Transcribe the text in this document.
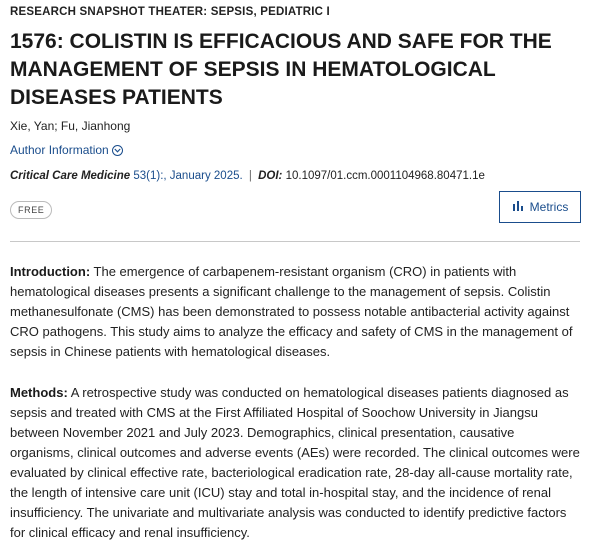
RESEARCH SNAPSHOT THEATER: SEPSIS, PEDIATRIC I
1576: COLISTIN IS EFFICACIOUS AND SAFE FOR THE MANAGEMENT OF SEPSIS IN HEMATOLOGICAL DISEASES PATIENTS
Xie, Yan; Fu, Jianhong
Author Information
Critical Care Medicine 53(1):, January 2025. | DOI: 10.1097/01.ccm.0001104968.80471.1e
FREE	Metrics

Introduction: The emergence of carbapenem-resistant organism (CRO) in patients with hematological diseases presents a significant challenge to the management of sepsis. Colistin methanesulfonate (CMS) has been demonstrated to possess notable antibacterial activity against CRO pathogens. This study aims to analyze the efficacy and safety of CMS in the management of sepsis in Chinese patients with hematological diseases.

Methods: A retrospective study was conducted on hematological diseases patients diagnosed as sepsis and treated with CMS at the First Affiliated Hospital of Soochow University in Jiangsu between November 2021 and July 2023. Demographics, clinical presentation, causative organisms, clinical outcomes and adverse events (AEs) were recorded. The clinical outcomes were evaluated by clinical effective rate, bacteriological eradication rate, 28-day all-cause mortality rate, the length of intensive care unit (ICU) stay and total in-hospital stay, and the incidence of renal insufficiency. The univariate and multivariate analysis was conducted to identify predictive factors for clinical efficacy and renal insufficiency.
